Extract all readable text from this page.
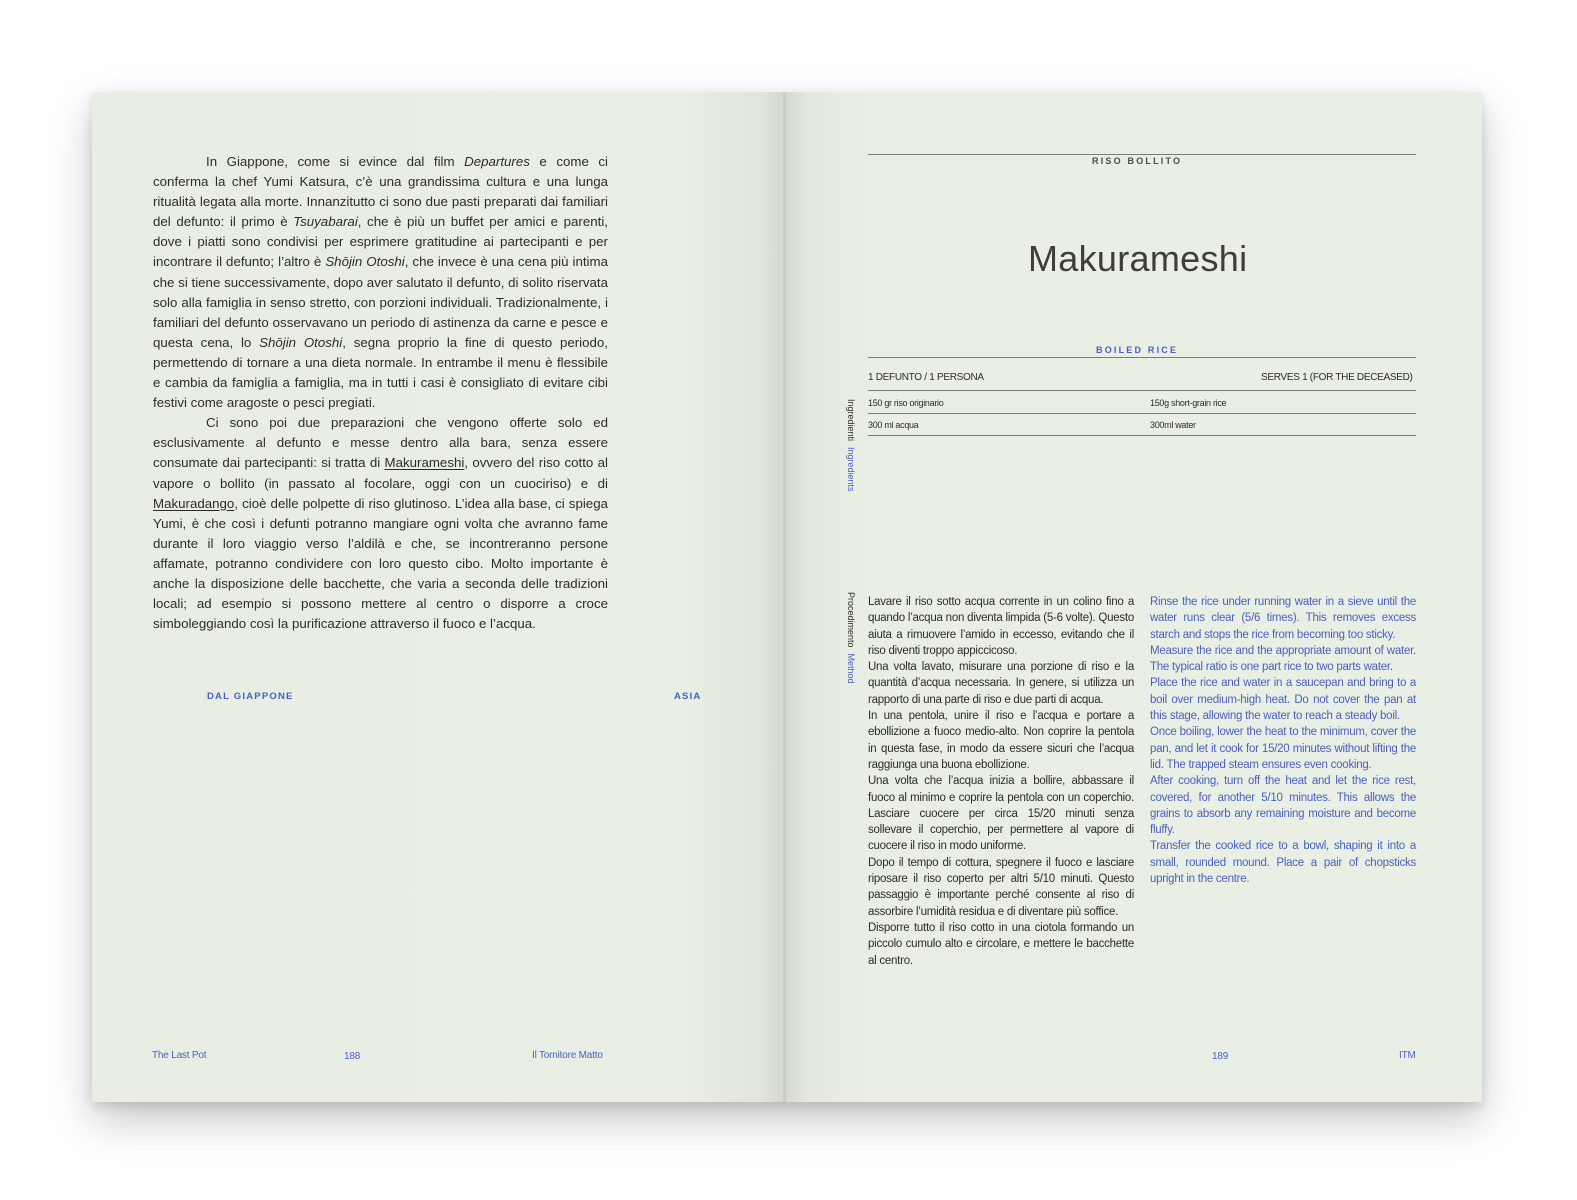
In Giappone, come si evince dal film Departures e come ci conferma la chef Yumi Katsura, c’è una grandissima cultura e una lunga ritualità legata alla morte. Innanzitutto ci sono due pasti preparati dai familiari del defunto: il primo è Tsuyabarai, che è più un buffet per amici e parenti, dove i piatti sono condivisi per esprimere gratitudine ai partecipanti e per incontrare il defunto; l’altro è Shōjin Otoshi, che invece è una cena più intima che si tiene successivamente, dopo aver salutato il defunto, di solito riservata solo alla famiglia in senso stretto, con porzioni individuali. Tradizionalmente, i familiari del defunto osservavano un periodo di astinenza da carne e pesce e questa cena, lo Shōjin Otoshi, segna proprio la fine di questo periodo, permettendo di tornare a una dieta normale. In entrambe il menu è flessibile e cambia da famiglia a famiglia, ma in tutti i casi è consigliato di evitare cibi festivi come aragoste o pesci pregiati.

Ci sono poi due preparazioni che vengono offerte solo ed esclusivamente al defunto e messe dentro alla bara, senza essere consumate dai partecipanti: si tratta di Makurameshi, ovvero del riso cotto al vapore o bollito (in passato al focolare, oggi con un cuociriso) e di Makuradango, cioè delle polpette di riso glutinoso. L’idea alla base, ci spiega Yumi, è che così i defunti potranno mangiare ogni volta che avranno fame durante il loro viaggio verso l’aldilà e che, se incontreranno persone affamate, potranno condividere con loro questo cibo. Molto importante è anche la disposizione delle bacchette, che varia a seconda delle tradizioni locali; ad esempio si possono mettere al centro o disporre a croce simboleggiando così la purificazione attraverso il fuoco e l’acqua.

DAL GIAPPONE	ASIA
The Last Pot	188	Il Tornitore Matto
RISO BOLLITO
Makurameshi
BOILED RICE
1 DEFUNTO / 1 PERSONA	SERVES 1 (FOR THE DECEASED)
IngredientiIngredients
150 gr riso originario	150g short-grain rice
300 ml acqua	300ml water
ProcedimentoMethod

Lavare il riso sotto acqua corrente in un colino fino a quando l’acqua non diventa limpida (5-6 volte). Questo aiuta a rimuovere l’amido in eccesso, evitando che il riso diventi troppo appiccicoso.

Una volta lavato, misurare una porzione di riso e la quantità d’acqua necessaria. In genere, si utilizza un rapporto di una parte di riso e due parti di acqua.

In una pentola, unire il riso e l’acqua e portare a ebollizione a fuoco medio-alto. Non coprire la pentola in questa fase, in modo da essere sicuri che l’acqua raggiunga una buona ebollizione.

Una volta che l’acqua inizia a bollire, abbassare il fuoco al minimo e coprire la pentola con un coperchio. Lasciare cuocere per circa 15/20 minuti senza sollevare il coperchio, per permettere al vapore di cuocere il riso in modo uniforme.

Dopo il tempo di cottura, spegnere il fuoco e lasciare riposare il riso coperto per altri 5/10 minuti. Questo passaggio è importante perché consente al riso di assorbire l’umidità residua e di diventare più soffice.

Disporre tutto il riso cotto in una ciotola formando un piccolo cumulo alto e circolare, e mettere le bacchette al centro.

Rinse the rice under running water in a sieve until the water runs clear (5/6 times). This removes excess starch and stops the rice from becoming too sticky.

Measure the rice and the appropriate amount of water. The typical ratio is one part rice to two parts water.

Place the rice and water in a saucepan and bring to a boil over medium-high heat. Do not cover the pan at this stage, allowing the water to reach a steady boil.

Once boiling, lower the heat to the minimum, cover the pan, and let it cook for 15/20 minutes without lifting the lid. The trapped steam ensures even cooking.

After cooking, turn off the heat and let the rice rest, covered, for another 5/10 minutes. This allows the grains to absorb any remaining moisture and become fluffy.

Transfer the cooked rice to a bowl, shaping it into a small, rounded mound. Place a pair of chopsticks upright in the centre.

189	ITM
